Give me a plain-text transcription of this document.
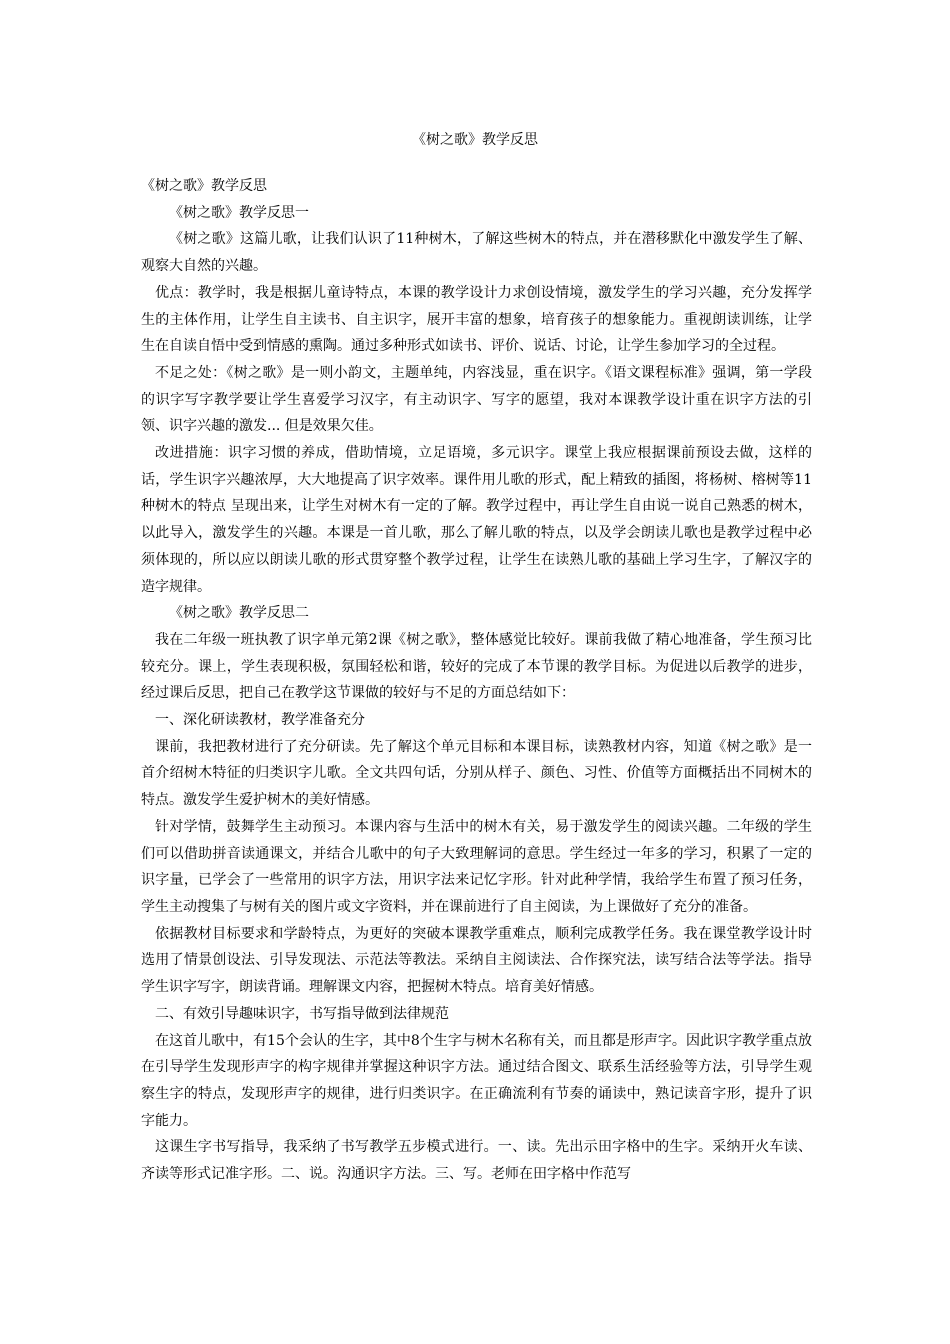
《树之歌》教学反思

《树之歌》教学反思

《树之歌》教学反思一

《树之歌》这篇儿歌，让我们认识了11种树木，了解这些树木的特点，并在潜移默化中激发学生了解、观察大自然的兴趣。

优点：教学时，我是根据儿童诗特点，本课的教学设计力求创设情境，激发学生的学习兴趣，充分发挥学生的主体作用，让学生自主读书、自主识字，展开丰富的想象，培育孩子的想象能力。重视朗读训练，让学生在自读自悟中受到情感的熏陶。通过多种形式如读书、评价、说话、讨论，让学生参加学习的全过程。

不足之处：《树之歌》是一则小韵文，主题单纯，内容浅显，重在识字。《语文课程标准》强调，第一学段的识字写字教学要让学生喜爱学习汉字，有主动识字、写字的愿望，我对本课教学设计重在识字方法的引领、识字兴趣的激发... 但是效果欠佳。

改进措施：识字习惯的养成，借助情境，立足语境，多元识字。课堂上我应根据课前预设去做，这样的话，学生识字兴趣浓厚，大大地提高了识字效率。课件用儿歌的形式，配上精致的插图，将杨树、榕树等11种树木的特点 呈现出来，让学生对树木有一定的了解。教学过程中，再让学生自由说一说自己熟悉的树木，以此导入，激发学生的兴趣。本课是一首儿歌，那么了解儿歌的特点，以及学会朗读儿歌也是教学过程中必须体现的，所以应以朗读儿歌的形式贯穿整个教学过程，让学生在读熟儿歌的基础上学习生字，了解汉字的造字规律。

《树之歌》教学反思二

我在二年级一班执教了识字单元第2课《树之歌》，整体感觉比较好。课前我做了精心地准备，学生预习比较充分。课上，学生表现积极，氛围轻松和谐，较好的完成了本节课的教学目标。为促进以后教学的进步，经过课后反思，把自己在教学这节课做的较好与不足的方面总结如下：

一、深化研读教材，教学准备充分

课前，我把教材进行了充分研读。先了解这个单元目标和本课目标，读熟教材内容，知道《树之歌》是一首介绍树木特征的归类识字儿歌。全文共四句话，分别从样子、颜色、习性、价值等方面概括出不同树木的特点。激发学生爱护树木的美好情感。

针对学情，鼓舞学生主动预习。本课内容与生活中的树木有关，易于激发学生的阅读兴趣。二年级的学生们可以借助拼音读通课文，并结合儿歌中的句子大致理解词的意思。学生经过一年多的学习，积累了一定的识字量，已学会了一些常用的识字方法，用识字法来记忆字形。针对此种学情，我给学生布置了预习任务，学生主动搜集了与树有关的图片或文字资料，并在课前进行了自主阅读，为上课做好了充分的准备。

依据教材目标要求和学龄特点，为更好的突破本课教学重难点，顺利完成教学任务。我在课堂教学设计时选用了情景创设法、引导发现法、示范法等教法。采纳自主阅读法、合作探究法，读写结合法等学法。指导学生识字写字，朗读背诵。理解课文内容，把握树木特点。培育美好情感。

二、有效引导趣味识字，书写指导做到法律规范

在这首儿歌中，有15个会认的生字，其中8个生字与树木名称有关，而且都是形声字。因此识字教学重点放在引导学生发现形声字的构字规律并掌握这种识字方法。通过结合图文、联系生活经验等方法，引导学生观察生字的特点，发现形声字的规律，进行归类识字。在正确流利有节奏的诵读中，熟记读音字形，提升了识字能力。

这课生字书写指导，我采纳了书写教学五步模式进行。一、读。先出示田字格中的生字。采纳开火车读、齐读等形式记准字形。二、说。沟通识字方法。三、写。老师在田字格中作范写
